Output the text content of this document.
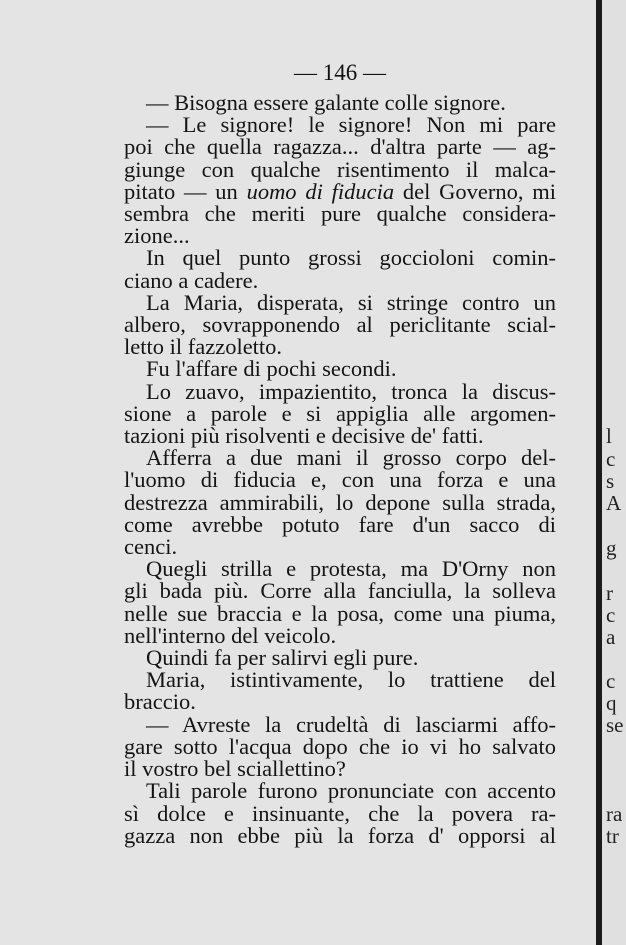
— 146 —
— Bisogna essere galante colle signore.
— Le signore! le signore! Non mi pare
poi che quella ragazza... d'altra parte — ag-
giunge con qualche risentimento il malca-
pitato — un uomo di fiducia del Governo, mi
sembra che meriti pure qualche considera-
zione...
In quel punto grossi goccioloni comin-
ciano a cadere.
La Maria, disperata, si stringe contro un
albero, sovrapponendo al periclitante scial-
letto il fazzoletto.
Fu l'affare di pochi secondi.
Lo zuavo, impazientito, tronca la discus-
sione a parole e si appiglia alle argomen-
tazioni più risolventi e decisive de' fatti.
Afferra a due mani il grosso corpo del-
l'uomo di fiducia e, con una forza e una
destrezza ammirabili, lo depone sulla strada,
come avrebbe potuto fare d'un sacco di
cenci.
Quegli strilla e protesta, ma D'Orny non
gli bada più. Corre alla fanciulla, la solleva
nelle sue braccia e la posa, come una piuma,
nell'interno del veicolo.
Quindi fa per salirvi egli pure.
Maria, istintivamente, lo trattiene del
braccio.
— Avreste la crudeltà di lasciarmi affo-
gare sotto l'acqua dopo che io vi ho salvato
il vostro bel sciallettino?
Tali parole furono pronunciate con accento
sì dolce e insinuante, che la povera ra-
gazza non ebbe più la forza d' opporsi al
l
c
s
A
g
r
c
a
c
q
se
ra
tr
